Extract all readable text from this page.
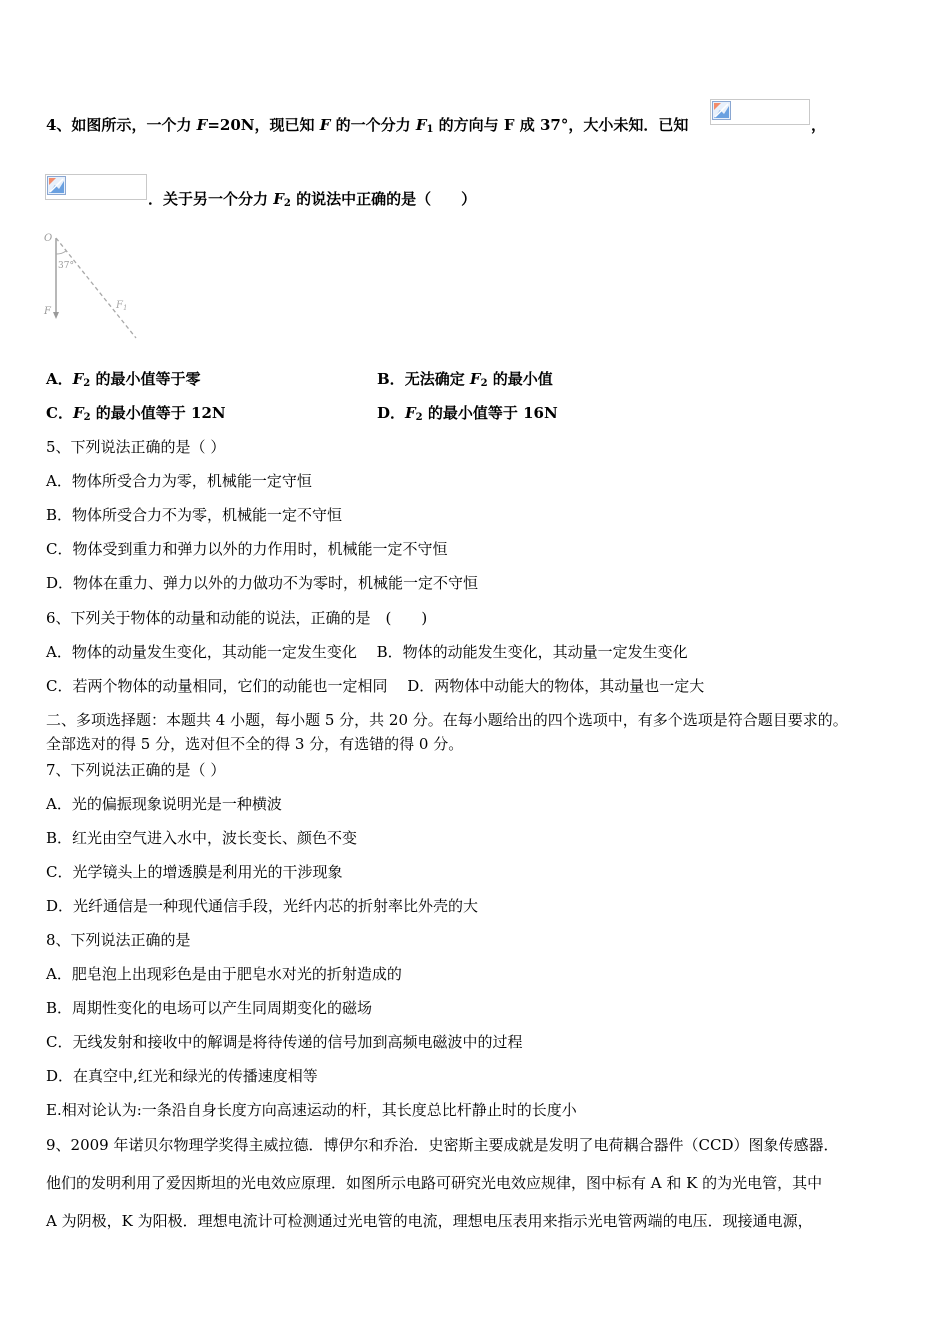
4、如图所示，一个力 F=20N，现已知 F 的一个分力 $F_1$ 的方向与 F 成 37°，大小未知．已知	，
．关于另一个分力 $F_2$ 的说法中正确的是（　　）
O
37°
F
$F_1$
A．$F_2$ 的最小值等于零	B．无法确定 $F_2$ 的最小值
C．$F_2$ 的最小值等于 12N	D．$F_2$ 的最小值等于 16N
5、下列说法正确的是（ ）
A．物体所受合力为零，机械能一定守恒
B．物体所受合力不为零，机械能一定不守恒
C．物体受到重力和弹力以外的力作用时，机械能一定不守恒
D．物体在重力、弹力以外的力做功不为零时，机械能一定不守恒
6、下列关于物体的动量和动能的说法，正确的是　(　　)
A．物体的动量发生变化，其动能一定发生变化　 B．物体的动能发生变化，其动量一定发生变化
C．若两个物体的动量相同，它们的动能也一定相同　 D．两物体中动能大的物体，其动量也一定大
二、多项选择题：本题共 4 小题，每小题 5 分，共 20 分。在每小题给出的四个选项中，有多个选项是符合题目要求的。
全部选对的得 5 分，选对但不全的得 3 分，有选错的得 0 分。
7、下列说法正确的是（ ）
A．光的偏振现象说明光是一种横波
B．红光由空气进入水中，波长变长、颜色不变
C．光学镜头上的增透膜是利用光的干涉现象
D．光纤通信是一种现代通信手段，光纤内芯的折射率比外壳的大
8、下列说法正确的是
A．肥皂泡上出现彩色是由于肥皂水对光的折射造成的
B．周期性变化的电场可以产生同周期变化的磁场
C．无线发射和接收中的解调是将待传递的信号加到高频电磁波中的过程
D．在真空中,红光和绿光的传播速度相等
E.相对论认为:一条沿自身长度方向高速运动的杆，其长度总比杆静止时的长度小
9、2009 年诺贝尔物理学奖得主威拉德．博伊尔和乔治．史密斯主要成就是发明了电荷耦合器件（CCD）图象传感器．
他们的发明利用了爱因斯坦的光电效应原理．如图所示电路可研究光电效应规律，图中标有 A 和 K 的为光电管，其中
A 为阴极，K 为阳极．理想电流计可检测通过光电管的电流，理想电压表用来指示光电管两端的电压．现接通电源，
